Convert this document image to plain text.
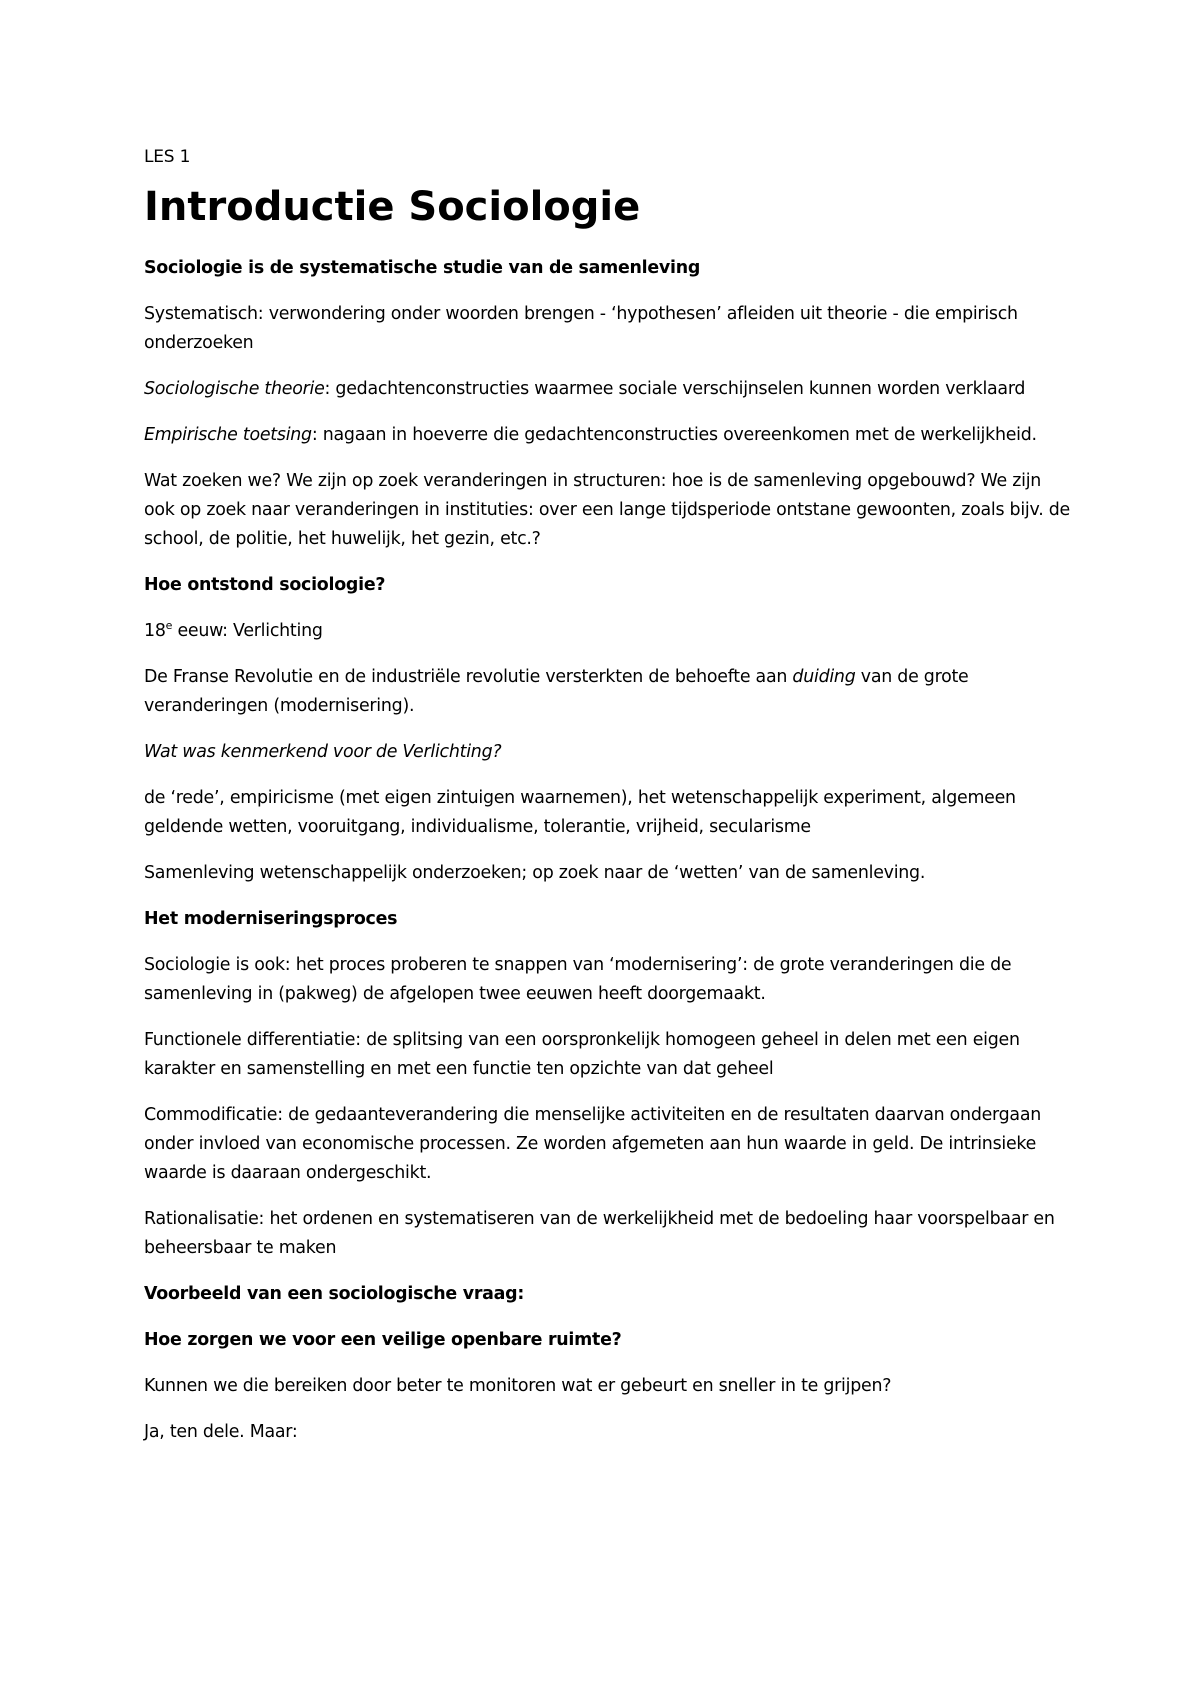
LES 1
Introductie Sociologie

Sociologie is de systematische studie van de samenleving

Systematisch: verwondering onder woorden brengen - ‘hypothesen’ afleiden uit theorie - die empirisch onderzoeken

Sociologische theorie: gedachtenconstructies waarmee sociale verschijnselen kunnen worden verklaard

Empirische toetsing: nagaan in hoeverre die gedachtenconstructies overeenkomen met de werkelijkheid.

Wat zoeken we? We zijn op zoek veranderingen in structuren: hoe is de samenleving opgebouwd? We zijn ook op zoek naar veranderingen in instituties: over een lange tijdsperiode ontstane gewoonten, zoals bijv. de school, de politie, het huwelijk, het gezin, etc.?

Hoe ontstond sociologie?

18e eeuw: Verlichting

De Franse Revolutie en de industriële revolutie versterkten de behoefte aan duiding van de grote veranderingen (modernisering).

Wat was kenmerkend voor de Verlichting?

de ‘rede’, empiricisme (met eigen zintuigen waarnemen), het wetenschappelijk experiment, algemeen geldende wetten, vooruitgang, individualisme, tolerantie, vrijheid, secularisme

Samenleving wetenschappelijk onderzoeken; op zoek naar de ‘wetten’ van de samenleving.

Het moderniseringsproces

Sociologie is ook: het proces proberen te snappen van ‘modernisering’: de grote veranderingen die de samenleving in (pakweg) de afgelopen twee eeuwen heeft doorgemaakt.

Functionele differentiatie: de splitsing van een oorspronkelijk homogeen geheel in delen met een eigen karakter en samenstelling en met een functie ten opzichte van dat geheel

Commodificatie: de gedaanteverandering die menselijke activiteiten en de resultaten daarvan ondergaan onder invloed van economische processen. Ze worden afgemeten aan hun waarde in geld. De intrinsieke waarde is daaraan ondergeschikt.

Rationalisatie: het ordenen en systematiseren van de werkelijkheid met de bedoeling haar voorspelbaar en beheersbaar te maken

Voorbeeld van een sociologische vraag:

Hoe zorgen we voor een veilige openbare ruimte?

Kunnen we die bereiken door beter te monitoren wat er gebeurt en sneller in te grijpen?

Ja, ten dele. Maar:
